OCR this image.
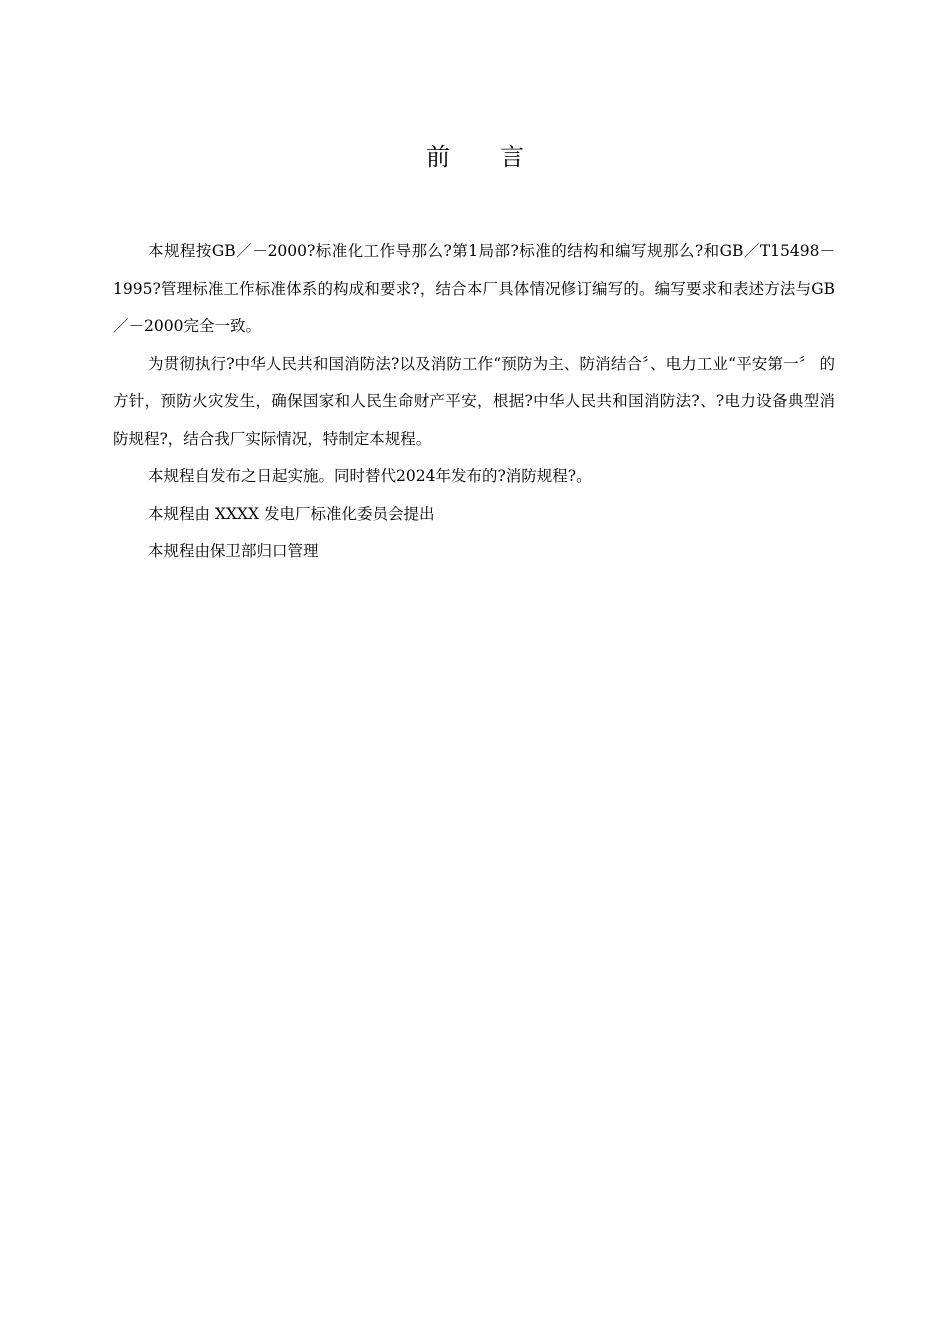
前 言

本规程按GB／－2000?标准化工作导那么?第1局部?标准的结构和编写规那么?和GB／T15498－1995?管理标准工作标准体系的构成和要求?，结合本厂具体情况修订编写的。编写要求和表述方法与GB／－2000完全一致。

为贯彻执行?中华人民共和国消防法?以及消防工作“预防为主、防消结合〞、电力工业“平安第一〞 的方针，预防火灾发生，确保国家和人民生命财产平安，根据?中华人民共和国消防法?、?电力设备典型消防规程?，结合我厂实际情况，特制定本规程。

本规程自发布之日起实施。同时替代2024年发布的?消防规程?。

本规程由 XXXX 发电厂标准化委员会提出

本规程由保卫部归口管理
